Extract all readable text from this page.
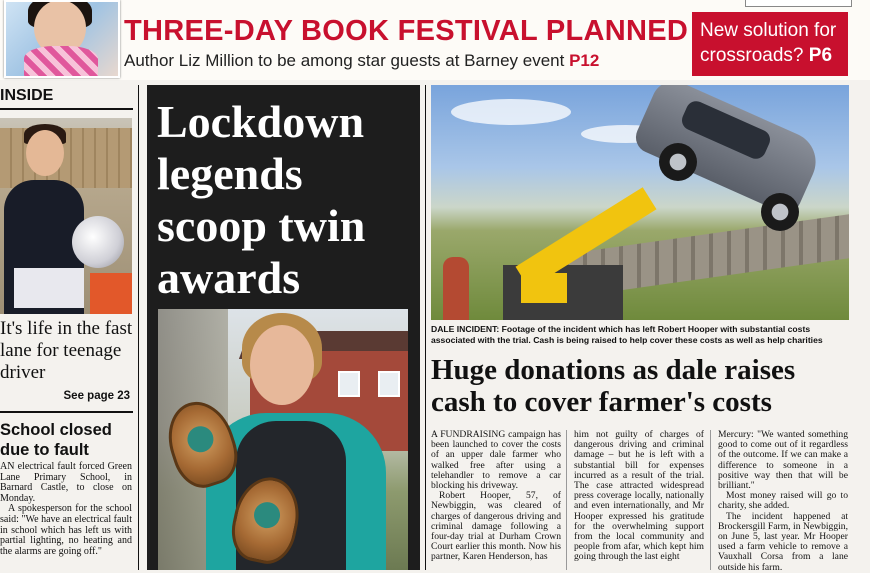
THREE-DAY BOOK FESTIVAL PLANNED
Author Liz Million to be among star guests at Barney event P12
New solution for crossroads? P6
INSIDE
It's life in the fast lane for teenage driver
See page 23
School closed due to fault
AN electrical fault forced Green Lane Primary School, in Barnard Castle, to close on Monday.
A spokesperson for the school said: "We have an electrical fault in school which has left us with partial lighting, no heating and the alarms are going off."
Lockdown legends scoop twin awards
DALE INCIDENT: Footage of the incident which has left Robert Hooper with substantial costs associated with the trial. Cash is being raised to help cover these costs as well as help charities
Huge donations as dale raises cash to cover farmer's costs

A FUNDRAISING campaign has been launched to cover the costs of an upper dale farmer who walked free after using a telehandler to remove a car blocking his driveway.

Robert Hooper, 57, of Newbiggin, was cleared of charges of dangerous driving and criminal damage following a four-day trial at Durham Crown Court earlier this month. Now his partner, Karen Henderson, has

him not guilty of charges of dangerous driving and criminal damage – but he is left with a substantial bill for expenses incurred as a result of the trial. The case attracted widespread press coverage locally, nationally and even internationally, and Mr Hooper expressed his gratitude for the overwhelming support from the local community and people from afar, which kept him going through the last eight

Mercury: "We wanted something good to come out of it regardless of the outcome. If we can make a difference to someone in a positive way then that will be brilliant."

Most money raised will go to charity, she added.

The incident happened at Brockersgill Farm, in Newbiggin, on June 5, last year. Mr Hooper used a farm vehicle to remove a Vauxhall Corsa from a lane outside his farm.
